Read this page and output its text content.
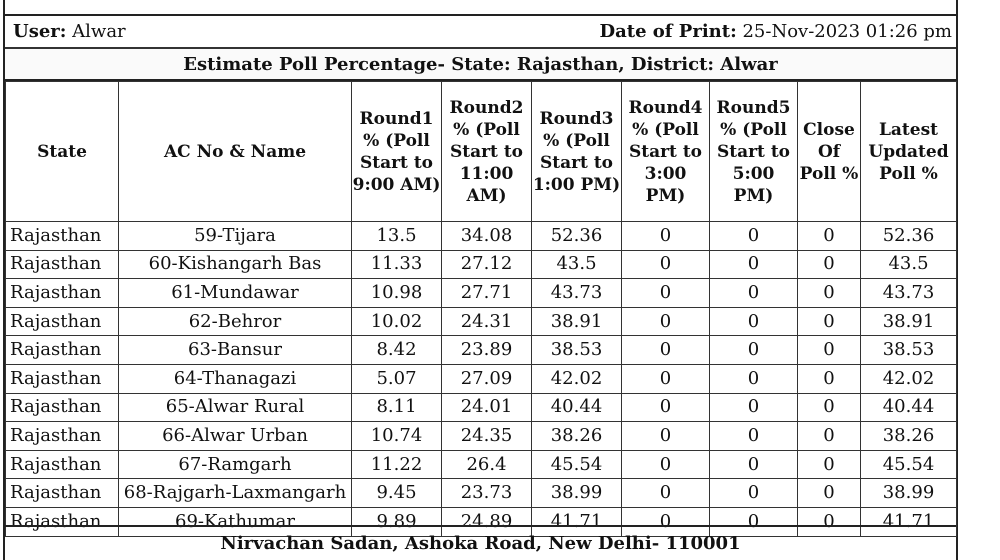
User: Alwar	Date of Print: 25-Nov-2023 01:26 pm
Estimate Poll Percentage- State: Rajasthan, District: Alwar
State	AC No & Name	Round1 % (Poll Start to 9:00 AM)	Round2 % (Poll Start to 11:00 AM)	Round3 % (Poll Start to 1:00 PM)	Round4 % (Poll Start to 3:00 PM)	Round5 % (Poll Start to 5:00 PM)	Close Of Poll %	Latest Updated Poll %
Rajasthan	59-Tijara	13.5	34.08	52.36	0	0	0	52.36
Rajasthan	60-Kishangarh Bas	11.33	27.12	43.5	0	0	0	43.5
Rajasthan	61-Mundawar	10.98	27.71	43.73	0	0	0	43.73
Rajasthan	62-Behror	10.02	24.31	38.91	0	0	0	38.91
Rajasthan	63-Bansur	8.42	23.89	38.53	0	0	0	38.53
Rajasthan	64-Thanagazi	5.07	27.09	42.02	0	0	0	42.02
Rajasthan	65-Alwar Rural	8.11	24.01	40.44	0	0	0	40.44
Rajasthan	66-Alwar Urban	10.74	24.35	38.26	0	0	0	38.26
Rajasthan	67-Ramgarh	11.22	26.4	45.54	0	0	0	45.54
Rajasthan	68-Rajgarh-Laxmangarh	9.45	23.73	38.99	0	0	0	38.99
Rajasthan	69-Kathumar	9.89	24.89	41.71	0	0	0	41.71
Nirvachan Sadan, Ashoka Road, New Delhi- 110001
